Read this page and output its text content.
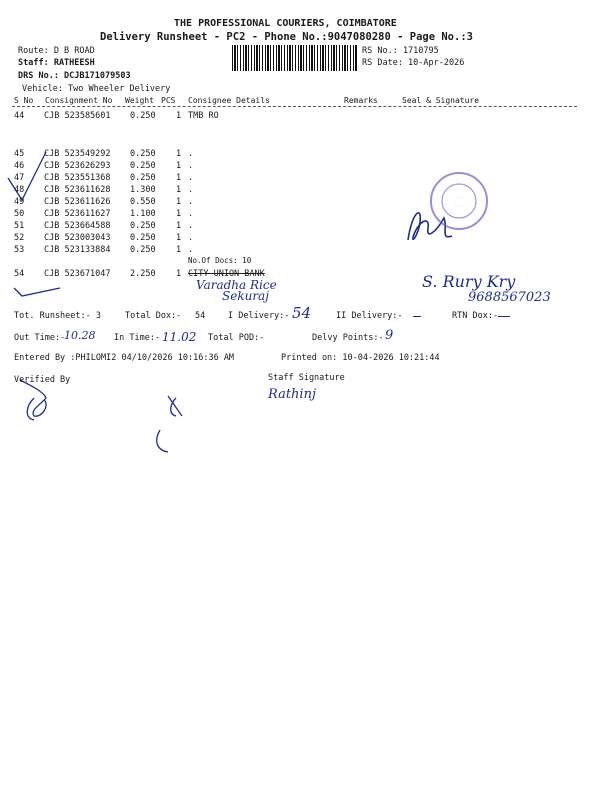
THE PROFESSIONAL COURIERS, COIMBATORE
Delivery Runsheet - PC2 - Phone No.:9047080280 - Page No.:3
Route: D B ROAD
Staff: RATHEESH
DRS No.: DCJB171079503
Vehicle: Two Wheeler Delivery
RS No.: 1710795
RS Date: 10-Apr-2026
S No Consignment No Weight PCS Consignee Details	Remarks	Seal & Signature
44 CJB 523585601 0.250 1 TMB RO
45 CJB 523549292 0.250 1 .
46 CJB 523626293 0.250 1 .
47 CJB 523551368 0.250 1 .
48 CJB 523611628 1.300 1 .
49 CJB 523611626 0.550 1 .
50 CJB 523611627 1.100 1 .
51 CJB 523664588 0.250 1 .
52 CJB 523003043 0.250 1 .
53 CJB 523133884 0.250 1 .
No.Of Docs: 10
54 CJB 523671047 2.250 1 CITY UNION BANK
Varadha Rice
Sekuraj
S. Rury Kry
9688567023
· · · ·
· · ·
Tot. Runsheet:- 3	Total Dox:- 54	I Delivery:- 54	II Delivery:-	RTN Dox:-
Out Time:-
10.28 In Time:- 11.02 Total POD:-	Delvy Points:- 9
Entered By :PHILOMI2 04/10/2026 10:16:36 AM	Printed on: 10-04-2026 10:21:44
Verified By	Staff Signature
Rathinj
